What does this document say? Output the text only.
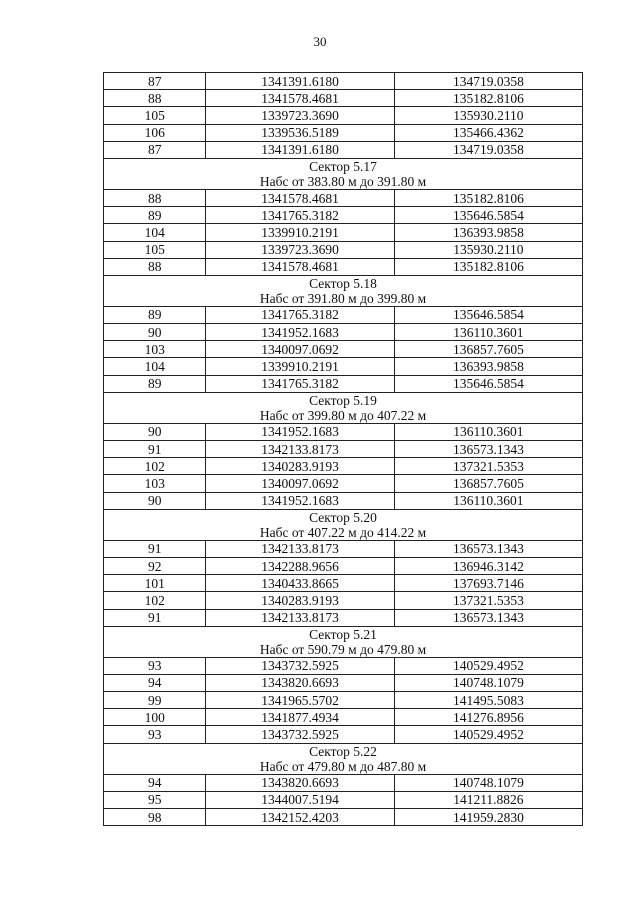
30
87	1341391.6180	134719.0358
88	1341578.4681	135182.8106
105	1339723.3690	135930.2110
106	1339536.5189	135466.4362
87	1341391.6180	134719.0358

Сектор 5.17
Набс от 383.80 м до 391.80 м		

88	1341578.4681	135182.8106
89	1341765.3182	135646.5854
104	1339910.2191	136393.9858
105	1339723.3690	135930.2110
88	1341578.4681	135182.8106

Сектор 5.18
Набс от 391.80 м до 399.80 м		

89	1341765.3182	135646.5854
90	1341952.1683	136110.3601
103	1340097.0692	136857.7605
104	1339910.2191	136393.9858
89	1341765.3182	135646.5854

Сектор 5.19
Набс от 399.80 м до 407.22 м		

90	1341952.1683	136110.3601
91	1342133.8173	136573.1343
102	1340283.9193	137321.5353
103	1340097.0692	136857.7605
90	1341952.1683	136110.3601

Сектор 5.20
Набс от 407.22 м до 414.22 м		

91	1342133.8173	136573.1343
92	1342288.9656	136946.3142
101	1340433.8665	137693.7146
102	1340283.9193	137321.5353
91	1342133.8173	136573.1343

Сектор 5.21
Набс от 590.79 м до 479.80 м		

93	1343732.5925	140529.4952
94	1343820.6693	140748.1079
99	1341965.5702	141495.5083
100	1341877.4934	141276.8956
93	1343732.5925	140529.4952

Сектор 5.22
Набс от 479.80 м до 487.80 м		

94	1343820.6693	140748.1079
95	1344007.5194	141211.8826
98	1342152.4203	141959.2830
